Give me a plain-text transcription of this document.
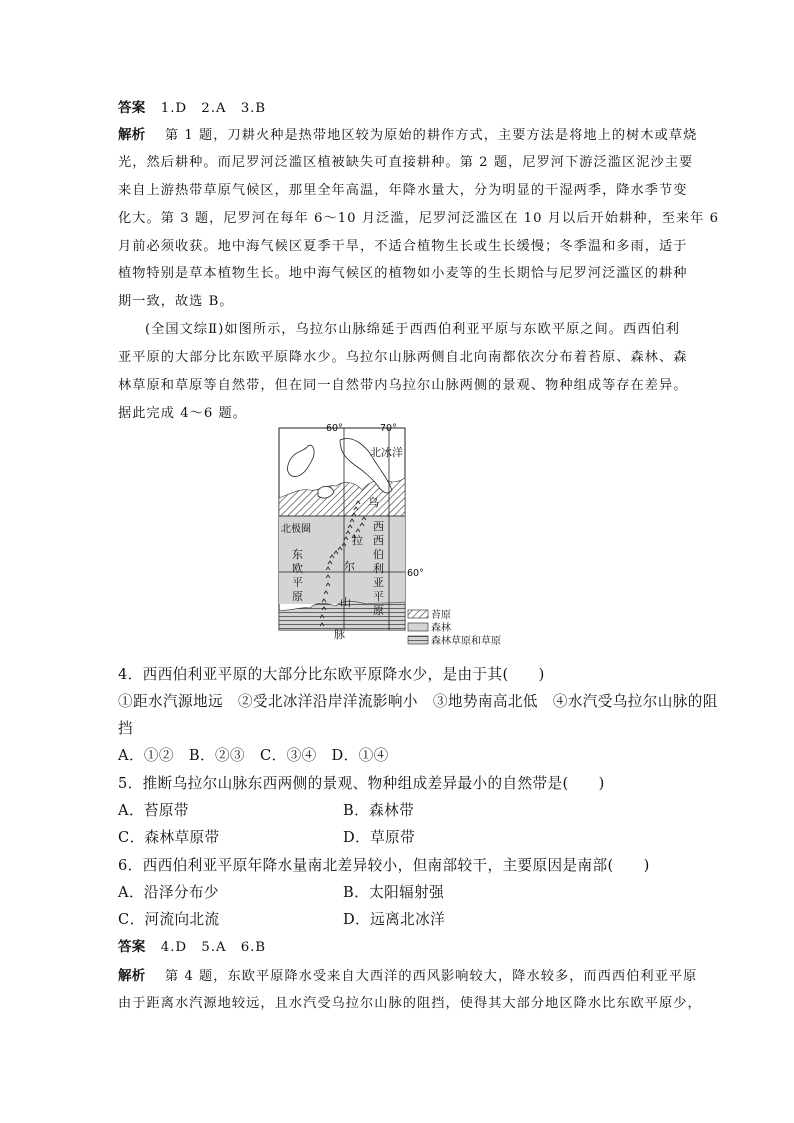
答案 1.D　2.A　3.B
解析 第 1 题，刀耕火种是热带地区较为原始的耕作方式，主要方法是将地上的树木或草烧
光，然后耕种。而尼罗河泛滥区植被缺失可直接耕种。第 2 题，尼罗河下游泛滥区泥沙主要
来自上游热带草原气候区，那里全年高温，年降水量大，分为明显的干湿两季，降水季节变
化大。第 3 题，尼罗河在每年 6～10 月泛滥，尼罗河泛滥区在 10 月以后开始耕种，至来年 6
月前必须收获。地中海气候区夏季干旱，不适合植物生长或生长缓慢；冬季温和多雨，适于
植物特别是草本植物生长。地中海气候区的植物如小麦等的生长期恰与尼罗河泛滥区的耕种
期一致，故选 B。
(全国文综Ⅱ)如图所示，乌拉尔山脉绵延于西西伯利亚平原与东欧平原之间。西西伯利
亚平原的大部分比东欧平原降水少。乌拉尔山脉两侧自北向南都依次分布着苔原、森林、森
林草原和草原等自然带，但在同一自然带内乌拉尔山脉两侧的景观、物种组成等存在差异。
据此完成 4～6 题。
60°	70°
60°
北冰洋
北极圈
乌
拉
尔
山
脉
东
欧
平
原
西
西
伯
利
亚
平
原	苔原
森林
森林草原和草原
4．西西伯利亚平原的大部分比东欧平原降水少，是由于其(　　)
①距水汽源地远　②受北冰洋沿岸洋流影响小　③地势南高北低　④水汽受乌拉尔山脉的阻
挡
A．①②　B．②③　C．③④　D．①④
5．推断乌拉尔山脉东西两侧的景观、物种组成差异最小的自然带是(　　)
A．苔原带	B．森林带
C．森林草原带	D．草原带
6．西西伯利亚平原年降水量南北差异较小，但南部较干，主要原因是南部(　　)
A．沿泽分布少	B．太阳辐射强
C．河流向北流	D．远离北冰洋
答案 4.D　5.A　6.B
解析 第 4 题，东欧平原降水受来自大西洋的西风影响较大，降水较多，而西西伯利亚平原
由于距离水汽源地较远，且水汽受乌拉尔山脉的阻挡，使得其大部分地区降水比东欧平原少，
